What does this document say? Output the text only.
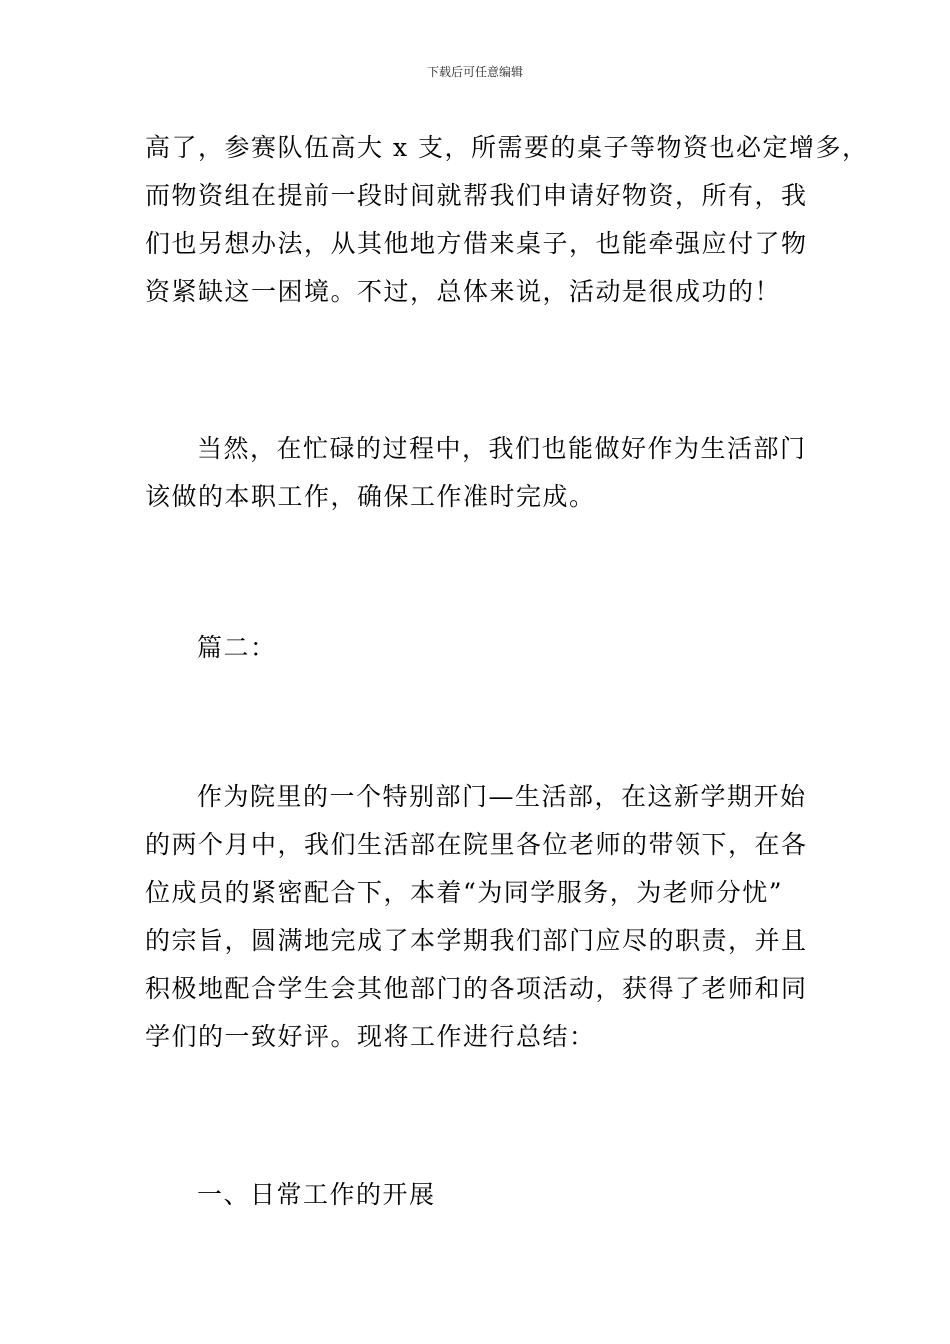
下载后可任意编辑
高了，参赛队伍高大 x 支，所需要的桌子等物资也必定增多，
而物资组在提前一段时间就帮我们申请好物资，所有，我
们也另想办法，从其他地方借来桌子，也能牵强应付了物
资紧缺这一困境。不过，总体来说，活动是很成功的！
当然，在忙碌的过程中，我们也能做好作为生活部门
该做的本职工作，确保工作准时完成。
篇二：
作为院里的一个特别部门—生活部，在这新学期开始
的两个月中，我们生活部在院里各位老师的带领下，在各
位成员的紧密配合下，本着“为同学服务，为老师分忧”
的宗旨，圆满地完成了本学期我们部门应尽的职责，并且
积极地配合学生会其他部门的各项活动，获得了老师和同
学们的一致好评。现将工作进行总结：
一、日常工作的开展
